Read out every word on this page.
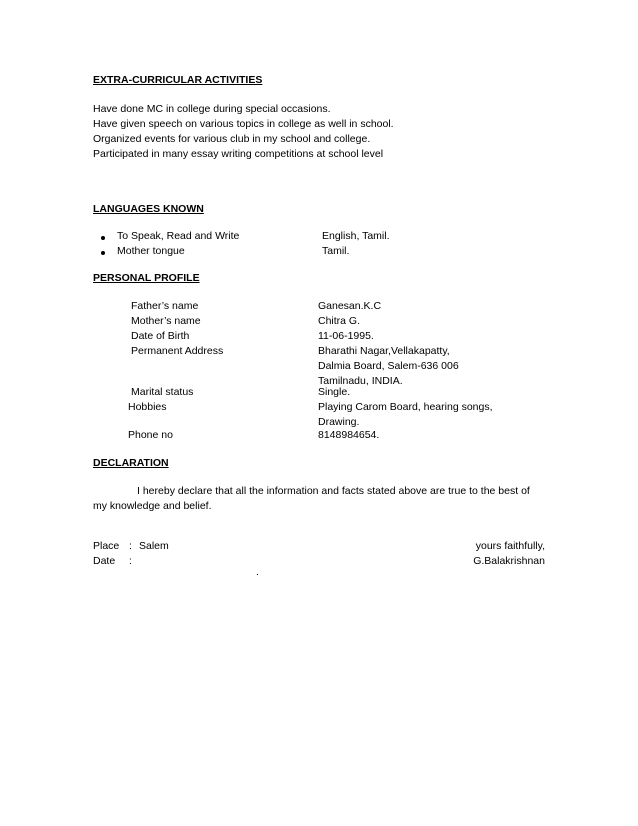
EXTRA-CURRICULAR ACTIVITIES
Have done MC in college during special occasions.
Have given speech on various topics in college as well in school.
Organized events for various club in my school and college.
Participated in many essay writing competitions at school level
LANGUAGES KNOWN
To Speak, Read and Write	English, Tamil.
Mother tongue	Tamil.
PERSONAL PROFILE
Father’s name	Ganesan.K.C
Mother’s name	Chitra G.
Date of Birth	11-06-1995.
Permanent Address	Bharathi Nagar,Vellakapatty,
Dalmia Board, Salem-636 006
Tamilnadu, INDIA.
Marital status	Single.
Hobbies	Playing Carom Board, hearing songs,
Drawing.
Phone no	8148984654.
DECLARATION
I hereby declare that all the information and facts stated above are true to the best of
my knowledge and belief.
Place : Salem
Date :
yours faithfully,
G.Balakrishnan
.
